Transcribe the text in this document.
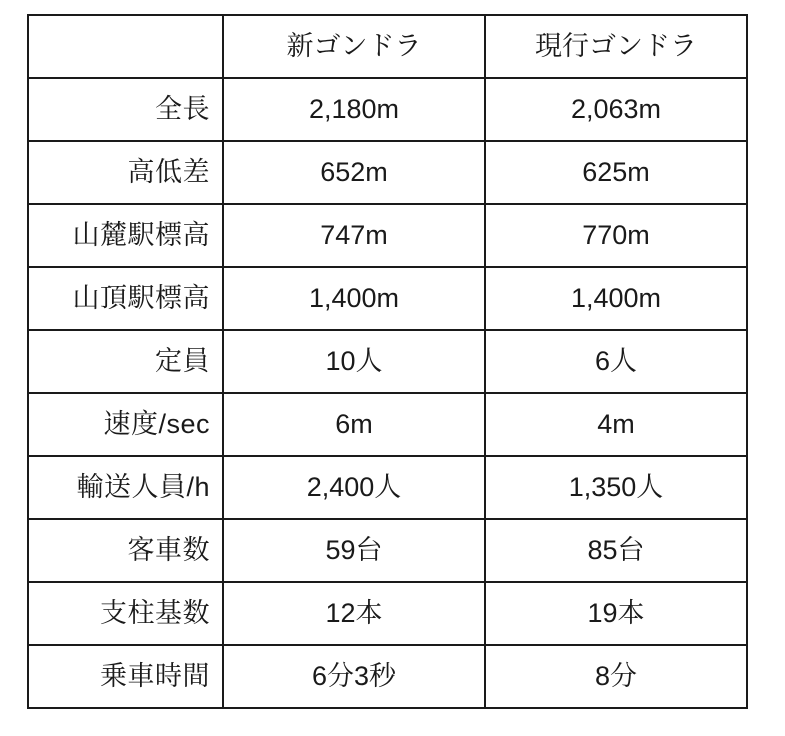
	新ゴンドラ	現行ゴンドラ
全長	2,180m	2,063m
高低差	652m	625m
山麓駅標高	747m	770m
山頂駅標高	1,400m	1,400m
定員	10人	6人
速度/sec	6m	4m
輸送人員/h	2,400人	1,350人
客車数	59台	85台
支柱基数	12本	19本
乗車時間	6分3秒	8分
